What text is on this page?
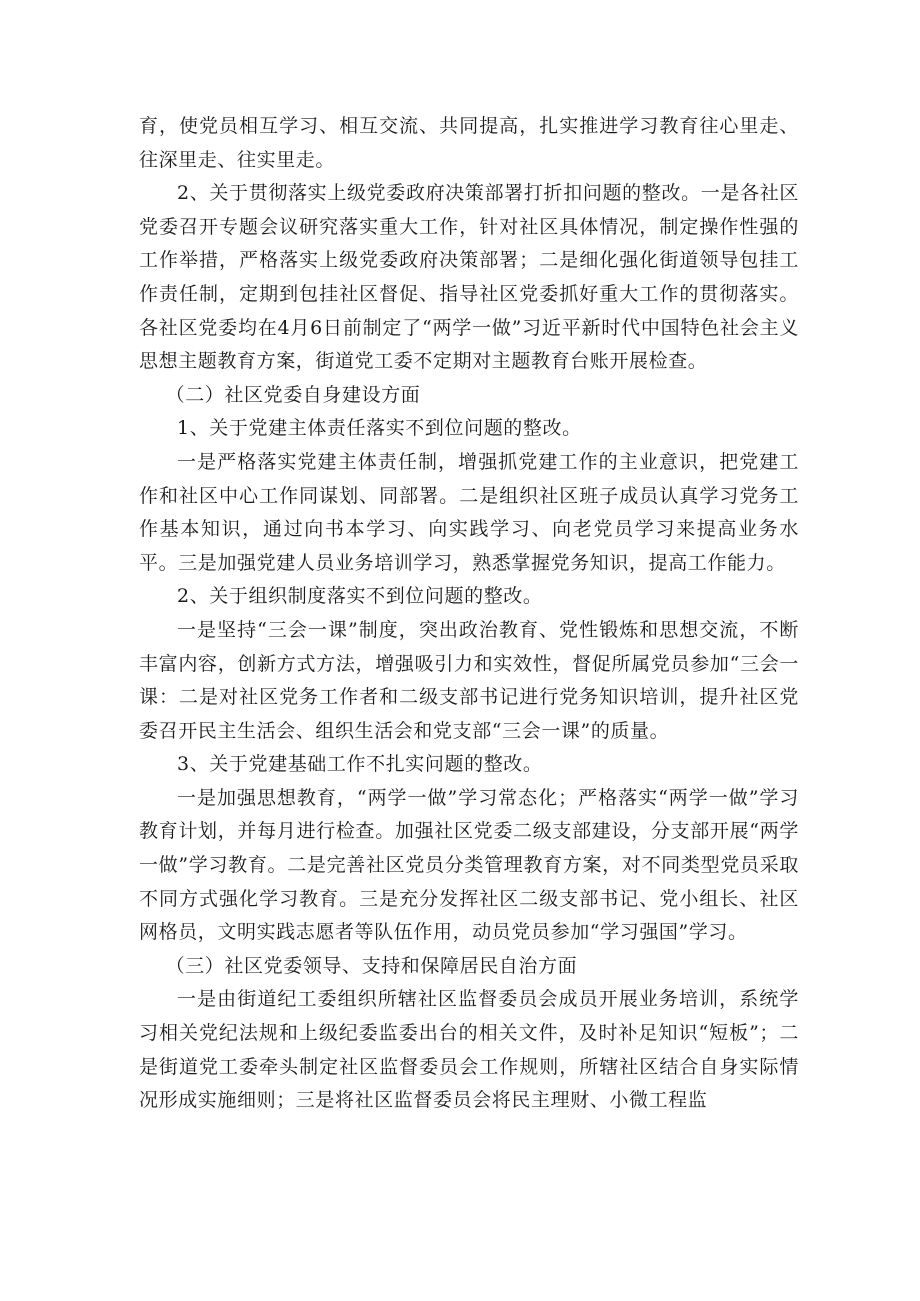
育，使党员相互学习、相互交流、共同提高，扎实推进学习教育往心里走、往深里走、往实里走。

2、关于贯彻落实上级党委政府决策部署打折扣问题的整改。一是各社区党委召开专题会议研究落实重大工作，针对社区具体情况，制定操作性强的工作举措，严格落实上级党委政府决策部署；二是细化强化街道领导包挂工作责任制，定期到包挂社区督促、指导社区党委抓好重大工作的贯彻落实。各社区党委均在4月6日前制定了“两学一做”习近平新时代中国特色社会主义思想主题教育方案，街道党工委不定期对主题教育台账开展检查。

（二）社区党委自身建设方面

1、关于党建主体责任落实不到位问题的整改。

一是严格落实党建主体责任制，增强抓党建工作的主业意识，把党建工作和社区中心工作同谋划、同部署。二是组织社区班子成员认真学习党务工作基本知识，通过向书本学习、向实践学习、向老党员学习来提高业务水平。三是加强党建人员业务培训学习，熟悉掌握党务知识，提高工作能力。

2、关于组织制度落实不到位问题的整改。

一是坚持“三会一课”制度，突出政治教育、党性锻炼和思想交流，不断丰富内容，创新方式方法，增强吸引力和实效性，督促所属党员参加“三会一课：二是对社区党务工作者和二级支部书记进行党务知识培训，提升社区党委召开民主生活会、组织生活会和党支部“三会一课”的质量。

3、关于党建基础工作不扎实问题的整改。

一是加强思想教育，“两学一做”学习常态化；严格落实“两学一做”学习教育计划，并每月进行检查。加强社区党委二级支部建设，分支部开展“两学一做”学习教育。二是完善社区党员分类管理教育方案，对不同类型党员采取不同方式强化学习教育。三是充分发挥社区二级支部书记、党小组长、社区网格员，文明实践志愿者等队伍作用，动员党员参加“学习强国”学习。

（三）社区党委领导、支持和保障居民自治方面

一是由街道纪工委组织所辖社区监督委员会成员开展业务培训，系统学习相关党纪法规和上级纪委监委出台的相关文件，及时补足知识“短板”；二是街道党工委牵头制定社区监督委员会工作规则，所辖社区结合自身实际情况形成实施细则；三是将社区监督委员会将民主理财、小微工程监
